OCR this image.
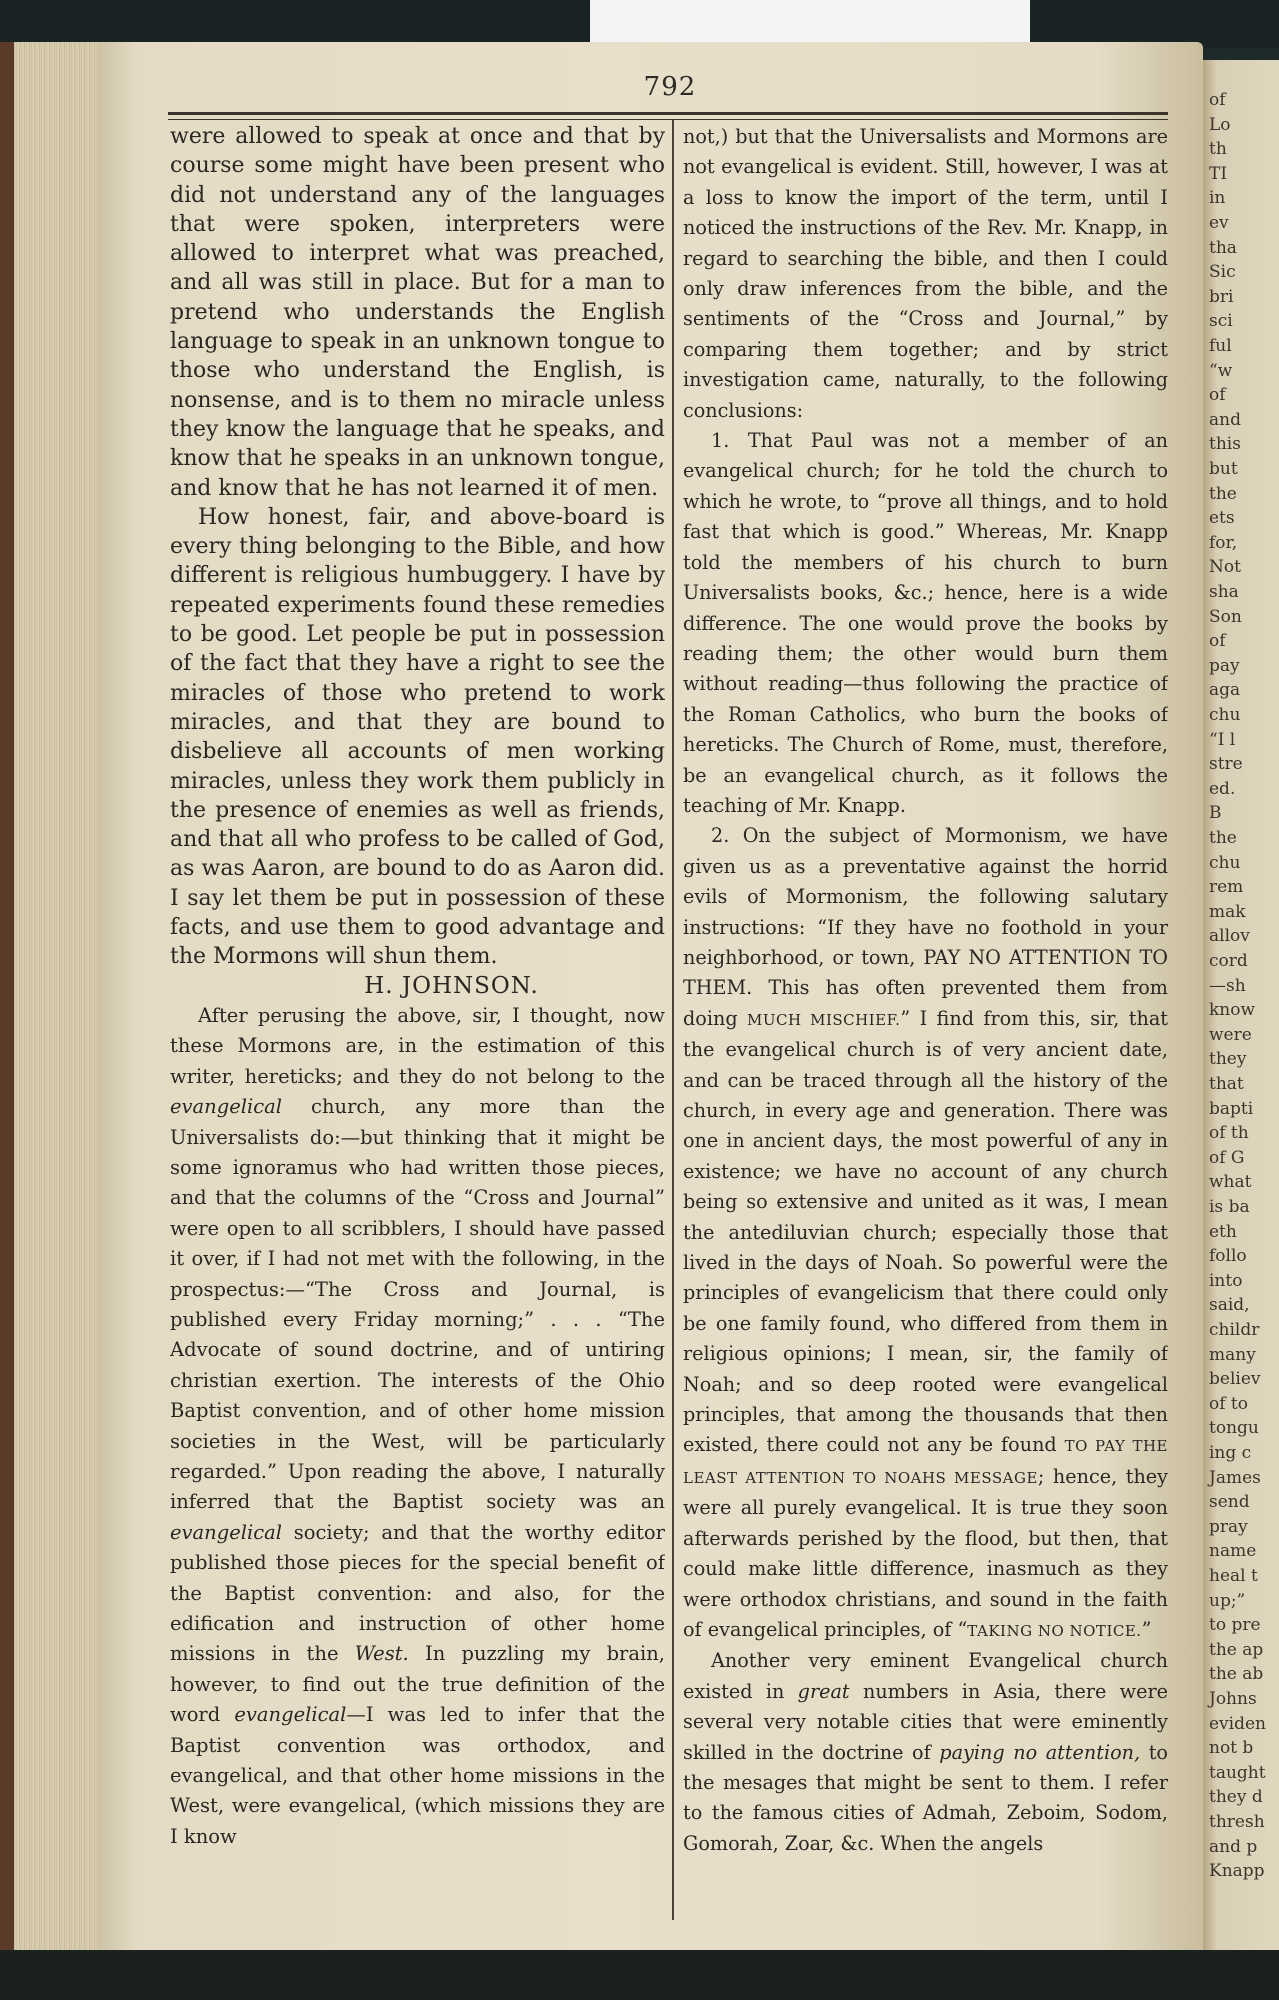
of
Lo
th
TI
in
ev
tha
Sic
bri
sci
ful
“w
of
and
this
but
the
ets
for,
Not
sha
Son
of
pay
aga
chu
“I l
stre
ed.
B
the
chu
rem
mak
allov
cord
—sh
know
were
they
that
bapti
of th
of G
what
is ba
eth
follo
into
said,
childr
many
believ
of to
tongu
ing c
James
send
pray
name
heal t
up;”
to pre
the ap
the ab
Johns
eviden
not b
taught
they d
thresh
and p
Knapp
792

were allowed to speak at once and that by course some might have been present who did not understand any of the languages that were spoken, interpreters were allowed to interpret what was preached, and all was still in place. But for a man to pretend who understands the English language to speak in an unknown tongue to those who understand the English, is nonsense, and is to them no miracle unless they know the language that he speaks, and know that he speaks in an unknown tongue, and know that he has not learned it of men.

How honest, fair, and above-board is every thing belonging to the Bible, and how different is religious humbuggery. I have by repeated experiments found these remedies to be good. Let people be put in possession of the fact that they have a right to see the miracles of those who pretend to work miracles, and that they are bound to disbelieve all accounts of men working miracles, unless they work them publicly in the presence of enemies as well as friends, and that all who profess to be called of God, as was Aaron, are bound to do as Aaron did. I say let them be put in possession of these facts, and use them to good advantage and the Mormons will shun them.

H. JOHNSON.

After perusing the above, sir, I thought, now these Mormons are, in the estimation of this writer, hereticks; and they do not belong to the evangelical church, any more than the Universalists do:—but thinking that it might be some ignoramus who had written those pieces, and that the columns of the “Cross and Journal” were open to all scribblers, I should have passed it over, if I had not met with the following, in the prospectus:—“The Cross and Journal, is published every Friday morning;” . . . “The Advocate of sound doctrine, and of untiring christian exertion. The interests of the Ohio Baptist convention, and of other home mission societies in the West, will be particularly regarded.” Upon reading the above, I naturally inferred that the Baptist society was an evangelical society; and that the worthy editor published those pieces for the special benefit of the Baptist convention: and also, for the edification and instruction of other home missions in the West. In puzzling my brain, however, to find out the true definition of the word evangelical—I was led to infer that the Baptist convention was orthodox, and evangelical, and that other home missions in the West, were evangelical, (which missions they are I know

not,) but that the Universalists and Mormons are not evangelical is evident. Still, however, I was at a loss to know the import of the term, until I noticed the instructions of the Rev. Mr. Knapp, in regard to searching the bible, and then I could only draw inferences from the bible, and the sentiments of the “Cross and Journal,” by comparing them together; and by strict investigation came, naturally, to the following conclusions:

1. That Paul was not a member of an evangelical church; for he told the church to which he wrote, to “prove all things, and to hold fast that which is good.” Whereas, Mr. Knapp told the members of his church to burn Universalists books, &c.; hence, here is a wide difference. The one would prove the books by reading them; the other would burn them without reading—thus following the practice of the Roman Catholics, who burn the books of hereticks. The Church of Rome, must, therefore, be an evangelical church, as it follows the teaching of Mr. Knapp.

2. On the subject of Mormonism, we have given us as a preventative against the horrid evils of Mormonism, the following salutary instructions: “If they have no foothold in your neighborhood, or town, PAY NO ATTENTION TO THEM. This has often prevented them from doing MUCH MISCHIEF.” I find from this, sir, that the evangelical church is of very ancient date, and can be traced through all the history of the church, in every age and generation. There was one in ancient days, the most powerful of any in existence; we have no account of any church being so extensive and united as it was, I mean the antediluvian church; especially those that lived in the days of Noah. So powerful were the principles of evangelicism that there could only be one family found, who differed from them in religious opinions; I mean, sir, the family of Noah; and so deep rooted were evangelical principles, that among the thousands that then existed, there could not any be found TO PAY THE LEAST ATTENTION TO NOAHS MESSAGE; hence, they were all purely evangelical. It is true they soon afterwards perished by the flood, but then, that could make little difference, inasmuch as they were orthodox christians, and sound in the faith of evangelical principles, of “TAKING NO NOTICE.”

Another very eminent Evangelical church existed in great numbers in Asia, there were several very notable cities that were eminently skilled in the doctrine of paying no attention, to the mesages that might be sent to them. I refer to the famous cities of Admah, Zeboim, Sodom, Gomorah, Zoar, &c. When the angels
